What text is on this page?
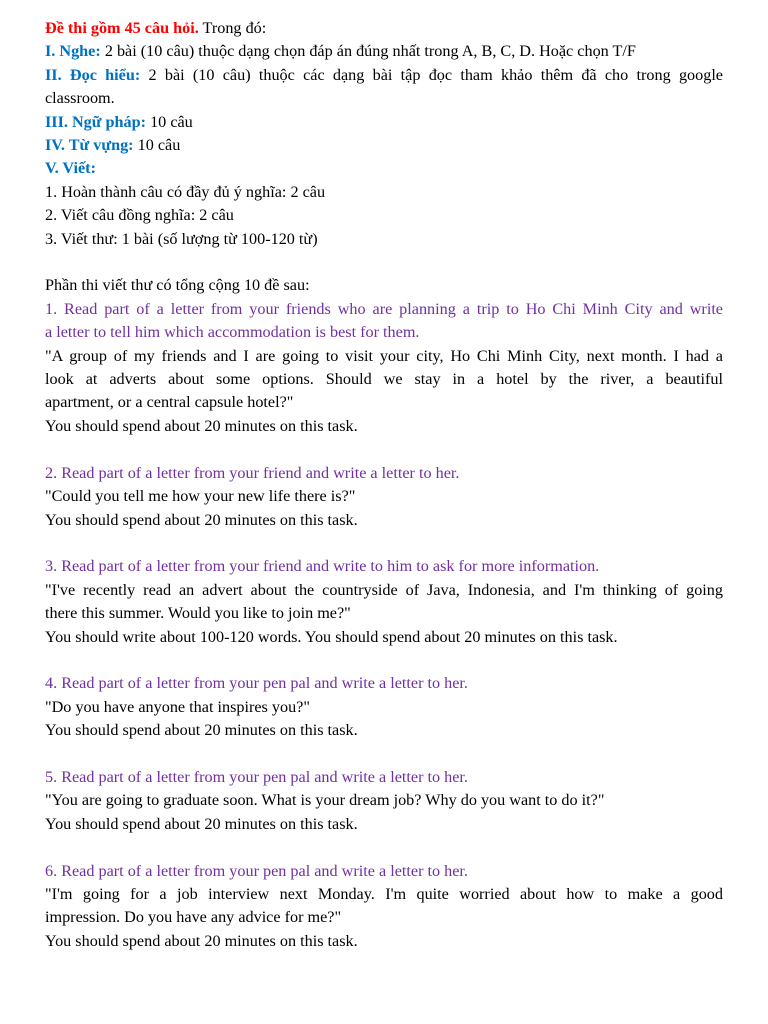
Đề thi gồm 45 câu hỏi. Trong đó:
I. Nghe: 2 bài (10 câu) thuộc dạng chọn đáp án đúng nhất trong A, B, C, D. Hoặc chọn T/F
II. Đọc hiểu: 2 bài (10 câu) thuộc các dạng bài tập đọc tham khảo thêm đã cho trong google
classroom.
III. Ngữ pháp: 10 câu
IV. Từ vựng: 10 câu
V. Viết:
1. Hoàn thành câu có đầy đủ ý nghĩa: 2 câu
2. Viết câu đồng nghĩa: 2 câu
3. Viết thư: 1 bài (số lượng từ 100-120 từ)
Phần thi viết thư có tổng cộng 10 đề sau:
1. Read part of a letter from your friends who are planning a trip to Ho Chi Minh City and write
a letter to tell him which accommodation is best for them.
"A group of my friends and I are going to visit your city, Ho Chi Minh City, next month. I had a
look at adverts about some options. Should we stay in a hotel by the river, a beautiful
apartment, or a central capsule hotel?"
You should spend about 20 minutes on this task.
2. Read part of a letter from your friend and write a letter to her.
"Could you tell me how your new life there is?"
You should spend about 20 minutes on this task.
3. Read part of a letter from your friend and write to him to ask for more information.
"I've recently read an advert about the countryside of Java, Indonesia, and I'm thinking of going
there this summer. Would you like to join me?"
You should write about 100-120 words. You should spend about 20 minutes on this task.
4. Read part of a letter from your pen pal and write a letter to her.
"Do you have anyone that inspires you?"
You should spend about 20 minutes on this task.
5. Read part of a letter from your pen pal and write a letter to her.
"You are going to graduate soon. What is your dream job? Why do you want to do it?"
You should spend about 20 minutes on this task.
6. Read part of a letter from your pen pal and write a letter to her.
"I'm going for a job interview next Monday. I'm quite worried about how to make a good
impression. Do you have any advice for me?"
You should spend about 20 minutes on this task.
